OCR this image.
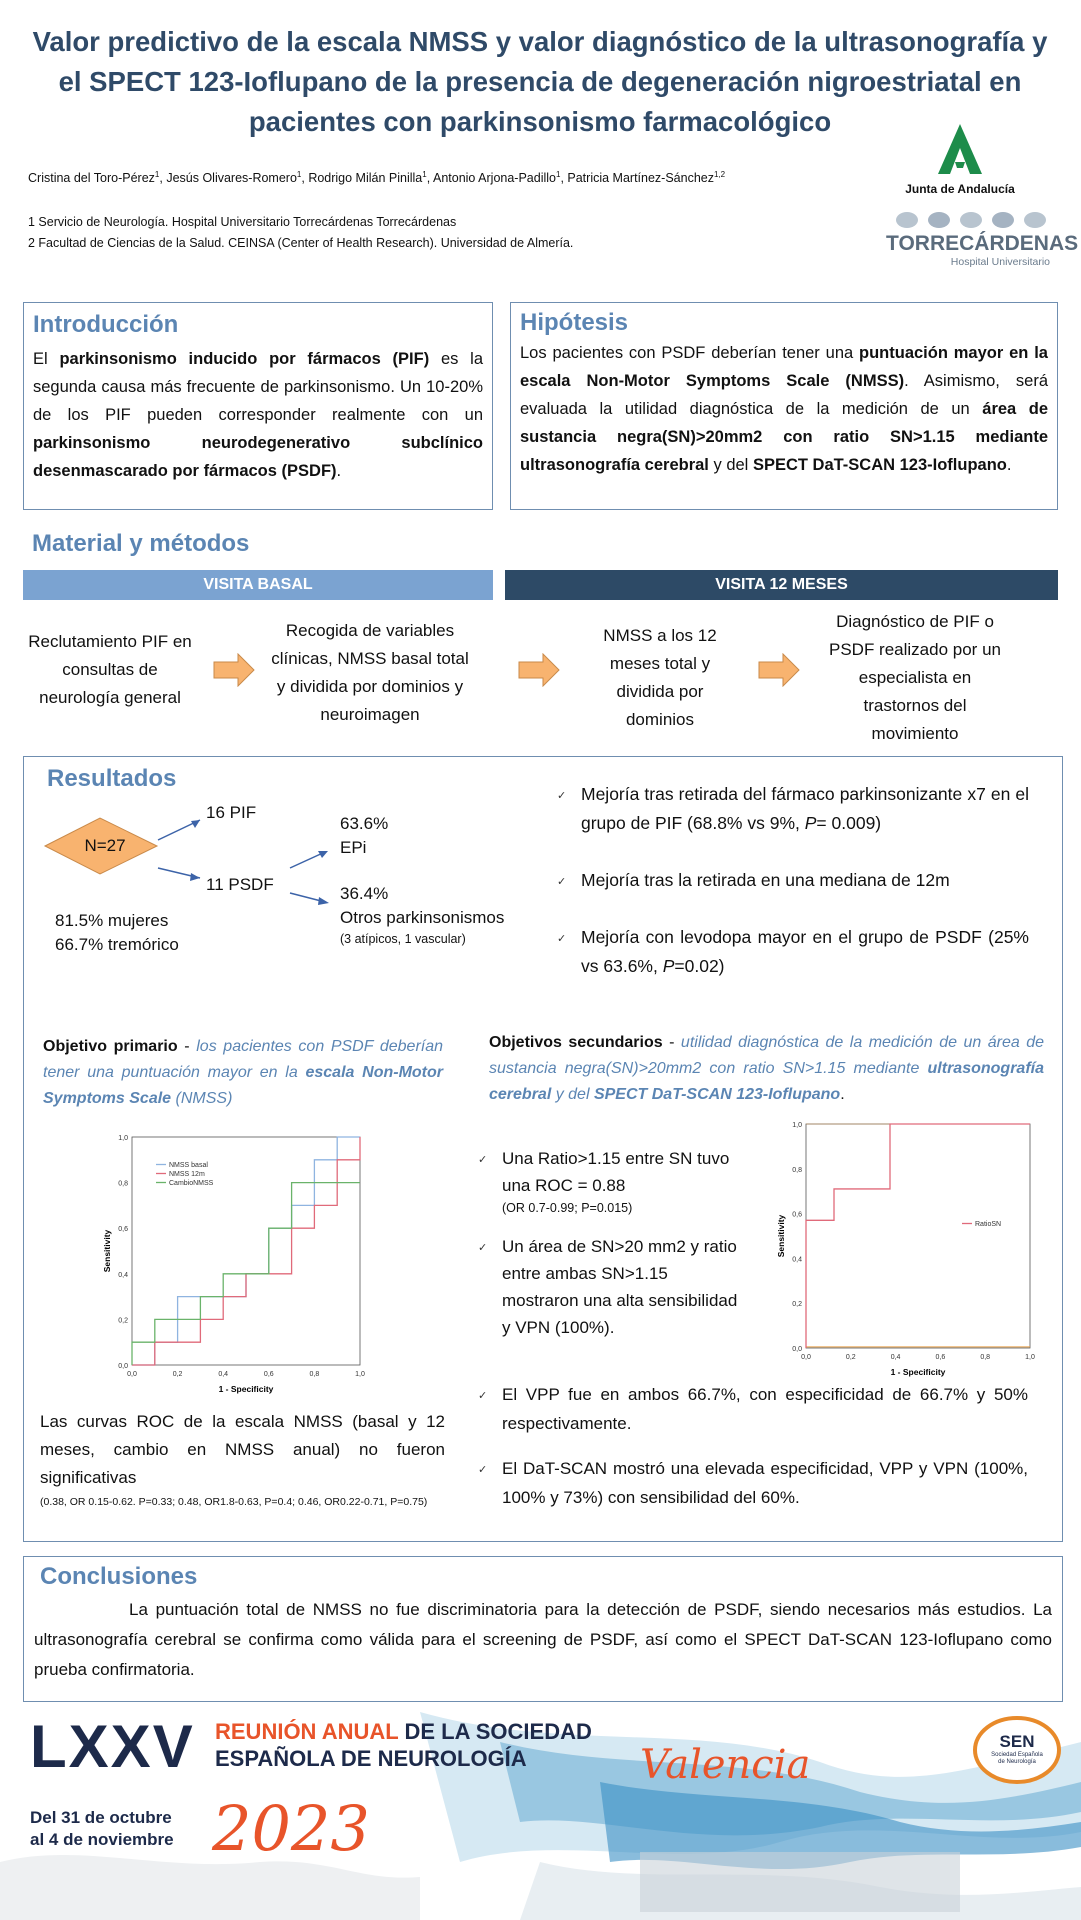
Valor predictivo de la escala NMSS y valor diagnóstico de la ultrasonografía y el SPECT 123-Ioflupano de la presencia de degeneración nigroestriatal en pacientes con parkinsonismo farmacológico
Cristina del Toro-Pérez$^1$, Jesús Olivares-Romero$^1$, Rodrigo Milán Pinilla$^1$, Antonio Arjona-Padillo$^1$, Patricia Martínez-Sánchez$^{1,2}$
1 Servicio de Neurología. Hospital Universitario Torrecárdenas Torrecárdenas
2 Facultad de Ciencias de la Salud. CEINSA (Center of Health Research). Universidad de Almería.
Junta de Andalucía
TORRECÁRDENAS
Hospital Universitario
Introducción
El parkinsonismo inducido por fármacos (PIF) es la segunda causa más frecuente de parkinsonismo. Un 10-20% de los PIF pueden corresponder realmente con un parkinsonismo neurodegenerativo subclínico desenmascarado por fármacos (PSDF).
Hipótesis
Los pacientes con PSDF deberían tener una puntuación mayor en la escala Non-Motor Symptoms Scale (NMSS). Asimismo, será evaluada la utilidad diagnóstica de la medición de un área de sustancia negra(SN)>20mm2 con ratio SN>1.15 mediante ultrasonografía cerebral y del SPECT DaT-SCAN 123-Ioflupano.
Material y métodos
VISITA BASAL	VISITA 12 MESES
Reclutamiento PIF en consultas de neurología general
Recogida de variables clínicas, NMSS basal total y dividida por dominios y neuroimagen
NMSS a los 12 meses total y dividida por dominios
Diagnóstico de PIF o PSDF realizado por un especialista en trastornos del movimiento
Resultados
N=27
16 PIF
11 PSDF
63.6%
EPi
36.4%
Otros parkinsonismos
(3 atípicos, 1 vascular)
81.5% mujeres
66.7% tremórico
✓ Mejoría tras retirada del fármaco parkinsonizante x7 en el grupo de PIF (68.8% vs 9%, P= 0.009)
✓ Mejoría tras la retirada en una mediana de 12m
✓ Mejoría con levodopa mayor en el grupo de PSDF (25% vs 63.6%, P=0.02)
Objetivo primario - los pacientes con PSDF deberían tener una puntuación mayor en la escala Non-Motor Symptoms Scale (NMSS)
0,0
0,0
0,2
0,2
0,4
0,4
0,6
0,6
0,8
0,8
1,0
1,0
1 - Specificity
Sensitivity
NMSS basal
NMSS 12m
CambioNMSS
Las curvas ROC de la escala NMSS (basal y 12 meses, cambio en NMSS anual) no fueron significativas
(0.38, OR 0.15-0.62. P=0.33; 0.48, OR1.8-0.63, P=0.4; 0.46, OR0.22-0.71, P=0.75)
Objetivos secundarios - utilidad diagnóstica de la medición de un área de sustancia negra(SN)>20mm2 con ratio SN>1.15 mediante ultrasonografía cerebral y del SPECT DaT-SCAN 123-Ioflupano.
✓ Una Ratio>1.15 entre SN tuvo una ROC = 0.88
(OR 0.7-0.99; P=0.015)
✓ Un área de SN>20 mm2 y ratio entre ambas SN>1.15 mostraron una alta sensibilidad y VPN (100%).
0,0
0,0
0,2
0,2
0,4
0,4
0,6
0,6
0,8
0,8
1,0
1,0
1 - Specificity
Sensitivity	RatioSN
✓ El VPP fue en ambos 66.7%, con especificidad de 66.7% y 50% respectivamente.
✓ El DaT-SCAN mostró una elevada especificidad, VPP y VPN (100%, 100% y 73%) con sensibilidad del 60%.
Conclusiones
La puntuación total de NMSS no fue discriminatoria para la detección de PSDF, siendo necesarios más estudios. La ultrasonografía cerebral se confirma como válida para el screening de PSDF, así como el SPECT DaT-SCAN 123-Ioflupano como prueba confirmatoria.
LXXV REUNIÓN ANUAL DE LA SOCIEDAD
ESPAÑOLA DE NEUROLOGÍA
Del 31 de octubre
al 4 de noviembre 2023
Valencia
SEN
Sociedad Española de Neurología
